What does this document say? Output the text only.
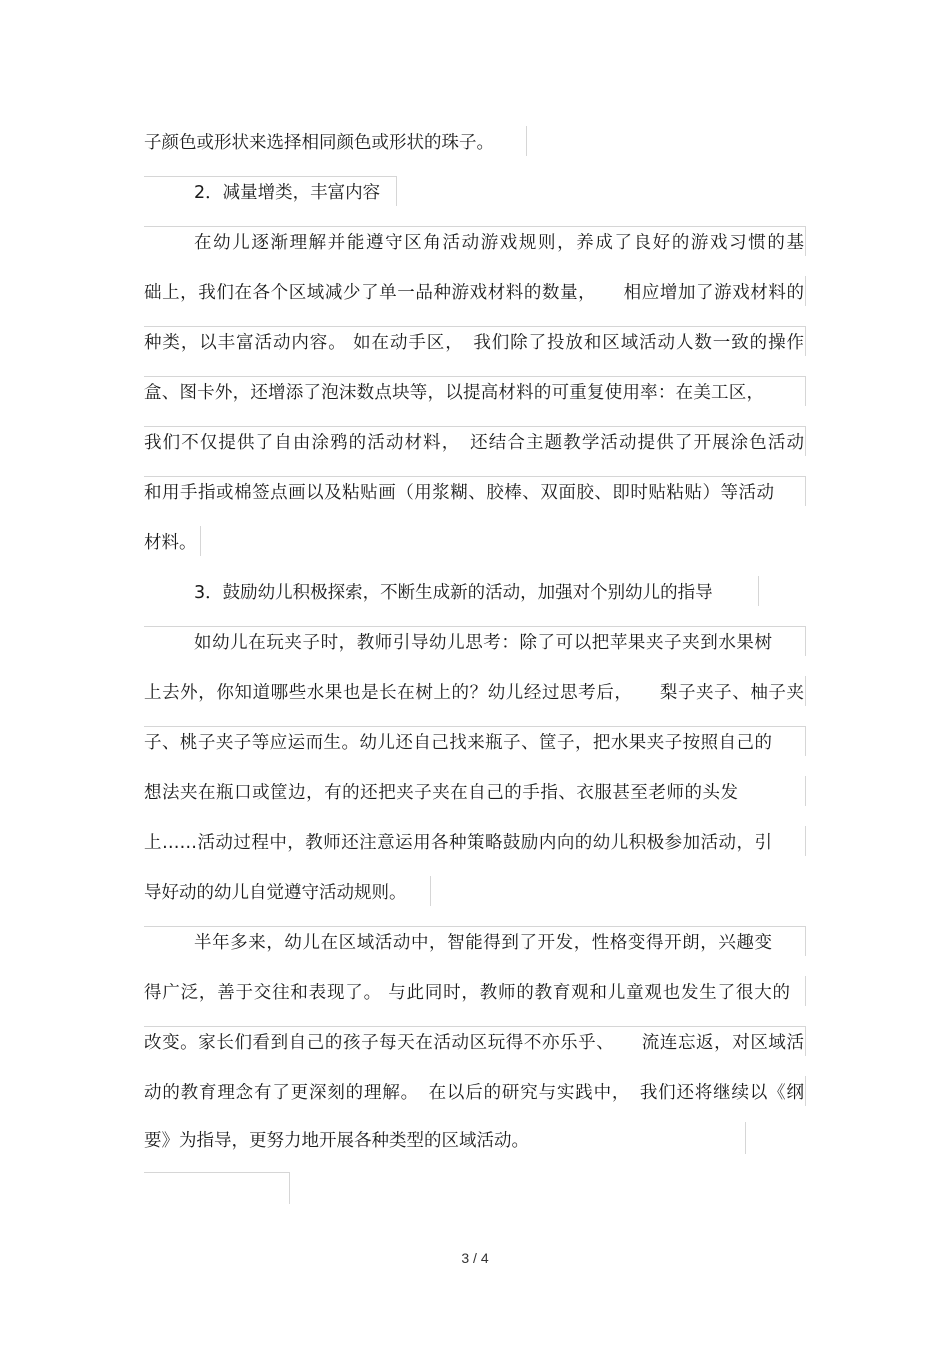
子颜色或形状来选择相同颜色或形状的珠子。
2．减量增类，丰富内容
在幼儿逐渐理解并能遵守区角活动游戏规则，养成了良好的游戏习惯的基
础上，我们在各个区域减少了单一品种游戏材料的数量，　　相应增加了游戏材料的
种类，以丰富活动内容。 如在动手区，　我们除了投放和区域活动人数一致的操作
盒、图卡外，还增添了泡沫数点块等，以提高材料的可重复使用率：在美工区，
我们不仅提供了自由涂鸦的活动材料，　还结合主题教学活动提供了开展涂色活动
和用手指或棉签点画以及粘贴画（用浆糊、胶棒、双面胶、即时贴粘贴）等活动
材料。
3．鼓励幼儿积极探索，不断生成新的活动，加强对个别幼儿的指导
如幼儿在玩夹子时，教师引导幼儿思考：除了可以把苹果夹子夹到水果树
上去外，你知道哪些水果也是长在树上的？幼儿经过思考后，　　梨子夹子、柚子夹
子、桃子夹子等应运而生。幼儿还自己找来瓶子、筐子，把水果夹子按照自己的
想法夹在瓶口或筐边，有的还把夹子夹在自己的手指、衣服甚至老师的头发
上……活动过程中，教师还注意运用各种策略鼓励内向的幼儿积极参加活动，引
导好动的幼儿自觉遵守活动规则。
半年多来，幼儿在区域活动中，智能得到了开发，性格变得开朗，兴趣变
得广泛，善于交往和表现了。 与此同时，教师的教育观和儿童观也发生了很大的
改变。家长们看到自己的孩子每天在活动区玩得不亦乐乎、　　流连忘返，对区域活
动的教育理念有了更深刻的理解。　在以后的研究与实践中，　我们还将继续以《纲
要》为指导，更努力地开展各种类型的区域活动。
3 / 4
